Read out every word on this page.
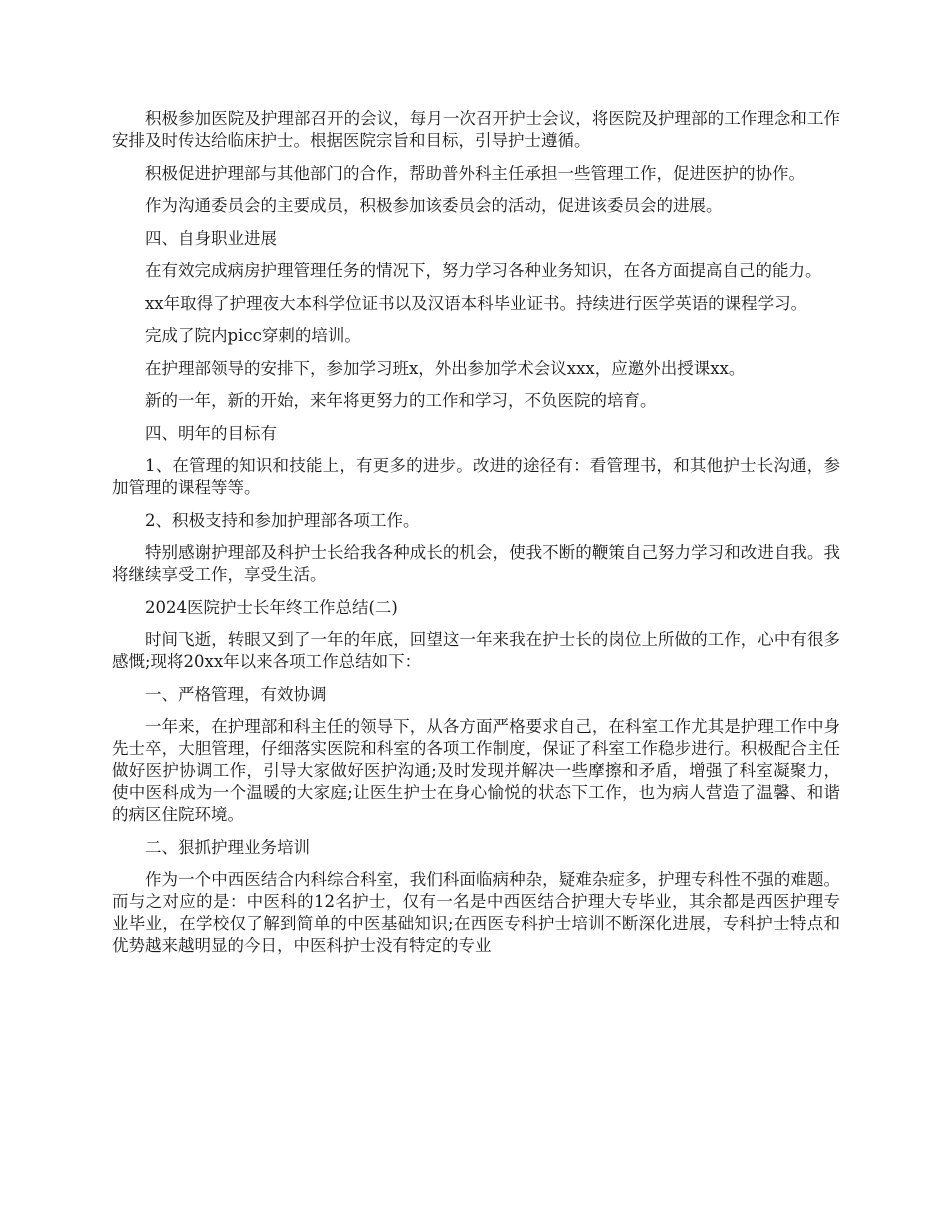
积极参加医院及护理部召开的会议，每月一次召开护士会议，将医院及护理部的工作理念和工作安排及时传达给临床护士。根据医院宗旨和目标，引导护士遵循。

积极促进护理部与其他部门的合作，帮助普外科主任承担一些管理工作，促进医护的协作。

作为沟通委员会的主要成员，积极参加该委员会的活动，促进该委员会的进展。

四、自身职业进展

在有效完成病房护理管理任务的情况下，努力学习各种业务知识，在各方面提高自己的能力。

xx年取得了护理夜大本科学位证书以及汉语本科毕业证书。持续进行医学英语的课程学习。

完成了院内picc穿刺的培训。

在护理部领导的安排下，参加学习班x，外出参加学术会议xxx，应邀外出授课xx。

新的一年，新的开始，来年将更努力的工作和学习，不负医院的培育。

四、明年的目标有

1、在管理的知识和技能上，有更多的进步。改进的途径有：看管理书，和其他护士长沟通，参加管理的课程等等。

2、积极支持和参加护理部各项工作。

特别感谢护理部及科护士长给我各种成长的机会，使我不断的鞭策自己努力学习和改进自我。我将继续享受工作，享受生活。

2024医院护士长年终工作总结(二)

时间飞逝，转眼又到了一年的年底，回望这一年来我在护士长的岗位上所做的工作，心中有很多感慨;现将20xx年以来各项工作总结如下：

一、严格管理，有效协调

一年来，在护理部和科主任的领导下，从各方面严格要求自己，在科室工作尤其是护理工作中身先士卒，大胆管理，仔细落实医院和科室的各项工作制度，保证了科室工作稳步进行。积极配合主任做好医护协调工作，引导大家做好医护沟通;及时发现并解决一些摩擦和矛盾，增强了科室凝聚力，使中医科成为一个温暖的大家庭;让医生护士在身心愉悦的状态下工作，也为病人营造了温馨、和谐的病区住院环境。

二、狠抓护理业务培训

作为一个中西医结合内科综合科室，我们科面临病种杂，疑难杂症多，护理专科性不强的难题。而与之对应的是：中医科的12名护士，仅有一名是中西医结合护理大专毕业，其余都是西医护理专业毕业，在学校仅了解到简单的中医基础知识;在西医专科护士培训不断深化进展，专科护士特点和优势越来越明显的今日，中医科护士没有特定的专业
